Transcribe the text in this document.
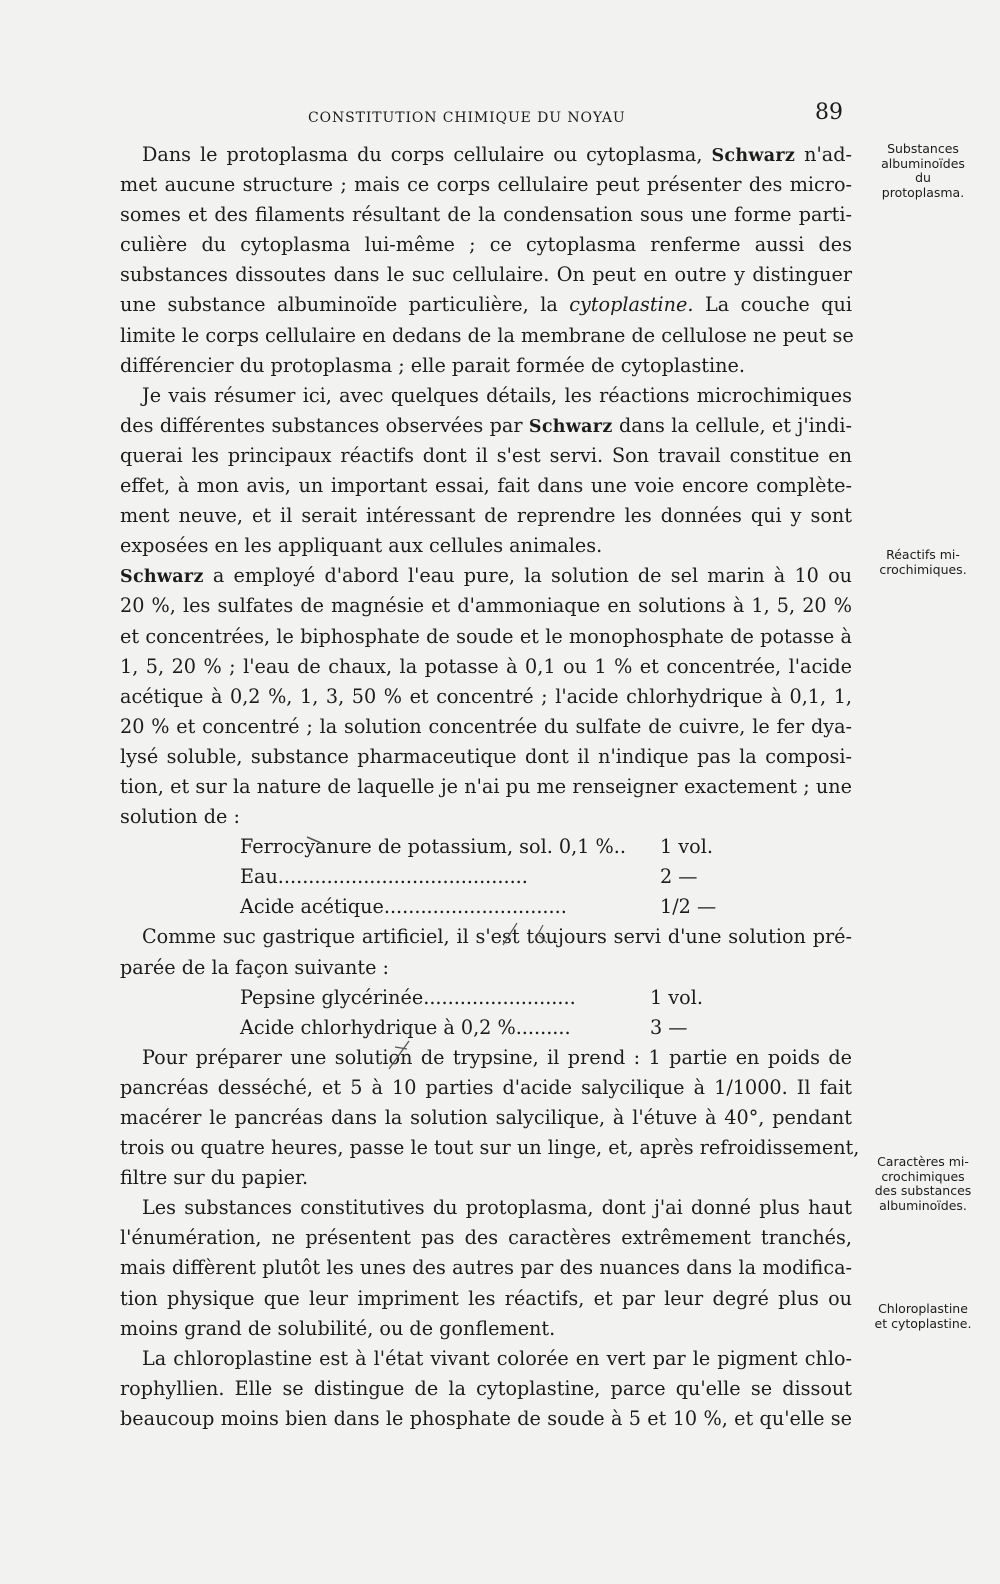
CONSTITUTION CHIMIQUE DU NOYAU	89
Dans le protoplasma du corps cellulaire ou cytoplasma, Schwarz n'ad-
met aucune structure ; mais ce corps cellulaire peut présenter des micro-
somes et des filaments résultant de la condensation sous une forme parti-
culière du cytoplasma lui-même ; ce cytoplasma renferme aussi des
substances dissoutes dans le suc cellulaire. On peut en outre y distinguer
une substance albuminoïde particulière, la cytoplastine. La couche qui
limite le corps cellulaire en dedans de la membrane de cellulose ne peut se
différencier du protoplasma ; elle parait formée de cytoplastine.
Je vais résumer ici, avec quelques détails, les réactions microchimiques
des différentes substances observées par Schwarz dans la cellule, et j'indi-
querai les principaux réactifs dont il s'est servi. Son travail constitue en
effet, à mon avis, un important essai, fait dans une voie encore complète-
ment neuve, et il serait intéressant de reprendre les données qui y sont
exposées en les appliquant aux cellules animales.
Schwarz a employé d'abord l'eau pure, la solution de sel marin à 10 ou
20 %, les sulfates de magnésie et d'ammoniaque en solutions à 1, 5, 20 %
et concentrées, le biphosphate de soude et le monophosphate de potasse à
1, 5, 20 % ; l'eau de chaux, la potasse à 0,1 ou 1 % et concentrée, l'acide
acétique à 0,2 %, 1, 3, 50 % et concentré ; l'acide chlorhydrique à 0,1, 1,
20 % et concentré ; la solution concentrée du sulfate de cuivre, le fer dya-
lysé soluble, substance pharmaceutique dont il n'indique pas la composi-
tion, et sur la nature de laquelle je n'ai pu me renseigner exactement ; une
solution de :
Ferrocyanure de potassium, sol. 0,1 %.. 1 vol.
Eau.........................................	2 —
Acide acétique..............................	1/2 —
Comme suc gastrique artificiel, il s'est toujours servi d'une solution pré-
parée de la façon suivante :
Pepsine glycérinée.........................	1 vol.
Acide chlorhydrique à 0,2 %.........	3 —
Pour préparer une solution de trypsine, il prend : 1 partie en poids de
pancréas desséché, et 5 à 10 parties d'acide salycilique à 1/1000. Il fait
macérer le pancréas dans la solution salycilique, à l'étuve à 40°, pendant
trois ou quatre heures, passe le tout sur un linge, et, après refroidissement,
filtre sur du papier.
Les substances constitutives du protoplasma, dont j'ai donné plus haut
l'énumération, ne présentent pas des caractères extrêmement tranchés,
mais diffèrent plutôt les unes des autres par des nuances dans la modifica-
tion physique que leur impriment les réactifs, et par leur degré plus ou
moins grand de solubilité, ou de gonflement.
La chloroplastine est à l'état vivant colorée en vert par le pigment chlo-
rophyllien. Elle se distingue de la cytoplastine, parce qu'elle se dissout
beaucoup moins bien dans le phosphate de soude à 5 et 10 %, et qu'elle se
Substances
albuminoïdes
du
protoplasma.
Réactifs mi-
crochimiques.
Caractères mi-
crochimiques
des substances
albuminoïdes.
Chloroplastine
et cytoplastine.
